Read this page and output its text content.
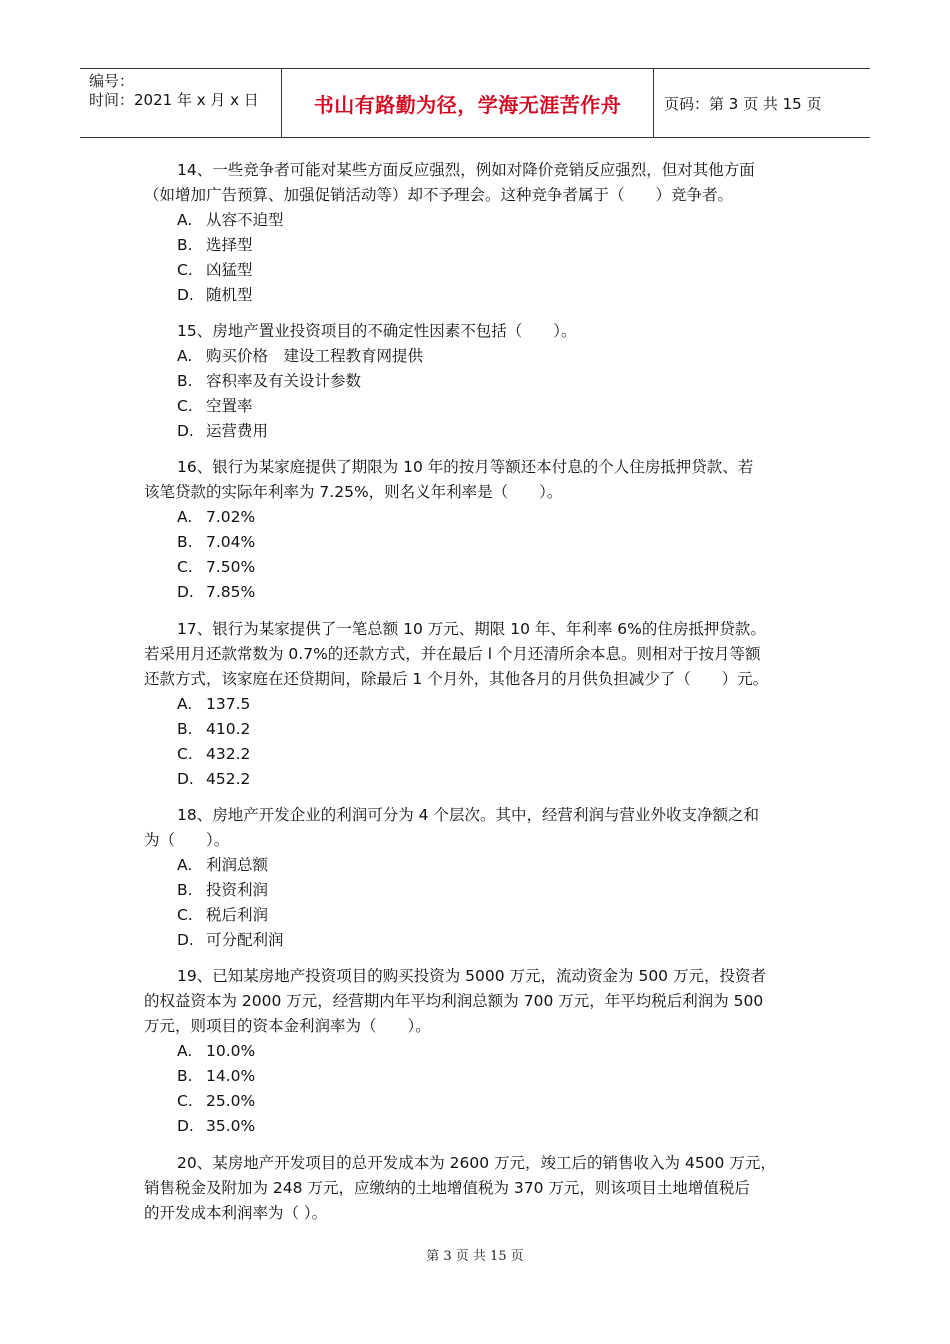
编号：
时间：2021 年 x 月 x 日	书山有路勤为径，学海无涯苦作舟	页码：第 3 页 共 15 页
14、一些竞争者可能对某些方面反应强烈，例如对降价竞销反应强烈，但对其他方面
（如增加广告预算、加强促销活动等）却不予理会。这种竞争者属于（　　）竞争者。
A. 从容不迫型
B. 选择型
C. 凶猛型
D. 随机型
15、房地产置业投资项目的不确定性因素不包括（　　）。
A. 购买价格　建设工程教育网提供
B. 容积率及有关设计参数
C. 空置率
D. 运营费用
16、银行为某家庭提供了期限为 10 年的按月等额还本付息的个人住房抵押贷款、若
该笔贷款的实际年利率为 7.25%，则名义年利率是（　　）。
A. 7.02%
B. 7.04%
C. 7.50%
D. 7.85%
17、银行为某家提供了一笔总额 10 万元、期限 10 年、年利率 6%的住房抵押贷款。
若采用月还款常数为 0.7%的还款方式，并在最后 l 个月还清所余本息。则相对于按月等额
还款方式，该家庭在还贷期间，除最后 1 个月外，其他各月的月供负担减少了（　　）元。
A. 137.5
B. 410.2
C. 432.2
D. 452.2
18、房地产开发企业的利润可分为 4 个层次。其中，经营利润与营业外收支净额之和
为（　　）。
A. 利润总额
B. 投资利润
C. 税后利润
D. 可分配利润
19、已知某房地产投资项目的购买投资为 5000 万元，流动资金为 500 万元，投资者
的权益资本为 2000 万元，经营期内年平均利润总额为 700 万元，年平均税后利润为 500
万元，则项目的资本金利润率为（　　）。
A. 10.0%
B. 14.0%
C. 25.0%
D. 35.0%
20、某房地产开发项目的总开发成本为 2600 万元，竣工后的销售收入为 4500 万元，
销售税金及附加为 248 万元，应缴纳的土地增值税为 370 万元，则该项目土地增值税后
的开发成本利润率为（ ）。
第 3 页 共 15 页
